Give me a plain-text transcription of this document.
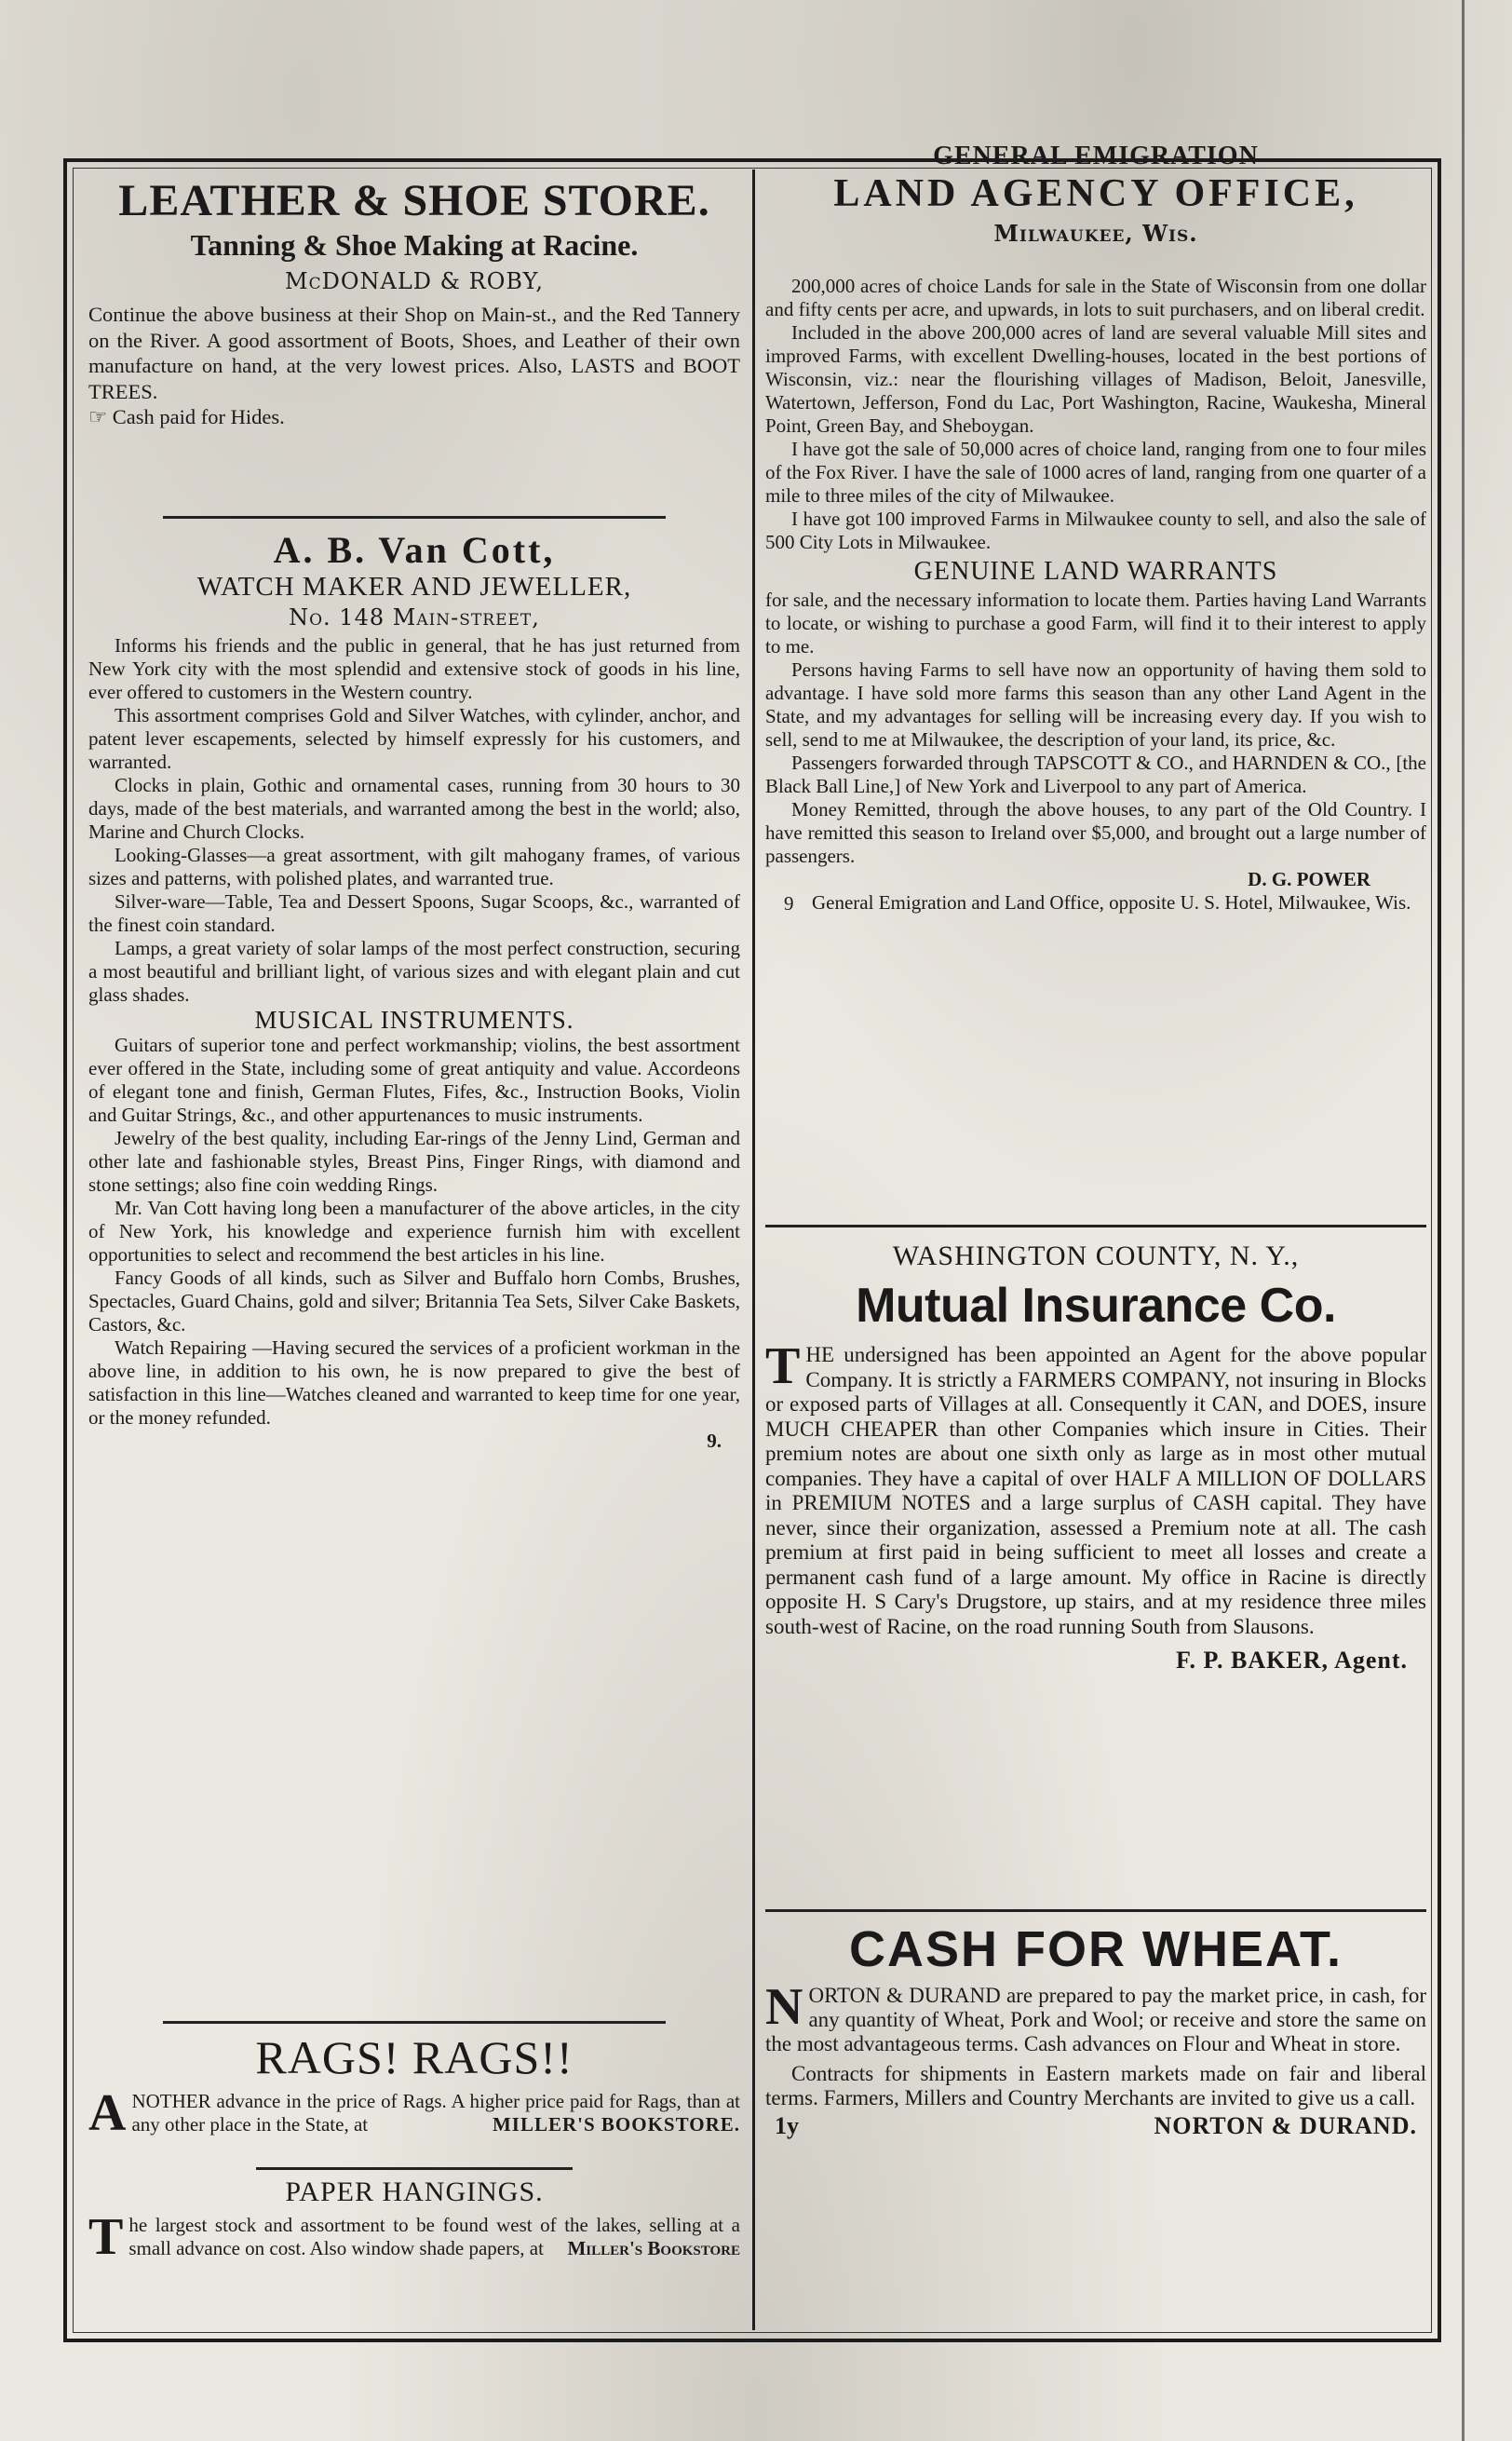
LEATHER & SHOE STORE.
Tanning & Shoe Making at Racine.
McDONALD & ROBY,

Continue the above business at their Shop on Main-st., and the Red Tannery on the River. A good assortment of Boots, Shoes, and Leather of their own manufacture on hand, at the very lowest prices. Also, LASTS and BOOT TREES.

☞ Cash paid for Hides.

A. B. Van Cott,
WATCH MAKER AND JEWELLER,
No. 148 Main-street,

Informs his friends and the public in general, that he has just returned from New York city with the most splendid and extensive stock of goods in his line, ever offered to customers in the Western country.

This assortment comprises Gold and Silver Watches, with cylinder, anchor, and patent lever escapements, selected by himself expressly for his customers, and warranted.

Clocks in plain, Gothic and ornamental cases, running from 30 hours to 30 days, made of the best materials, and warranted among the best in the world; also, Marine and Church Clocks.

Looking-Glasses—a great assortment, with gilt mahogany frames, of various sizes and patterns, with polished plates, and warranted true.

Silver-ware—Table, Tea and Dessert Spoons, Sugar Scoops, &c., warranted of the finest coin standard.

Lamps, a great variety of solar lamps of the most perfect construction, securing a most beautiful and brilliant light, of various sizes and with elegant plain and cut glass shades.

MUSICAL INSTRUMENTS.

Guitars of superior tone and perfect workmanship; violins, the best assortment ever offered in the State, including some of great antiquity and value. Accordeons of elegant tone and finish, German Flutes, Fifes, &c., Instruction Books, Violin and Guitar Strings, &c., and other appurtenances to music instruments.

Jewelry of the best quality, including Ear-rings of the Jenny Lind, German and other late and fashionable styles, Breast Pins, Finger Rings, with diamond and stone settings; also fine coin wedding Rings.

Mr. Van Cott having long been a manufacturer of the above articles, in the city of New York, his knowledge and experience furnish him with excellent opportunities to select and recommend the best articles in his line.

Fancy Goods of all kinds, such as Silver and Buffalo horn Combs, Brushes, Spectacles, Guard Chains, gold and silver; Britannia Tea Sets, Silver Cake Baskets, Castors, &c.

Watch Repairing —Having secured the services of a proficient workman in the above line, in addition to his own, he is now prepared to give the best of satisfaction in this line—Watches cleaned and warranted to keep time for one year, or the money refunded.

9.
RAGS! RAGS!!
ANOTHER advance in the price of Rags. A higher price paid for Rags, than at any other place in the State, at	MILLER'S BOOKSTORE.
PAPER HANGINGS.
The largest stock and assortment to be found west of the lakes, selling at a small advance on cost. Also window shade papers, at Miller's Bookstore
GENERAL EMIGRATION
LAND AGENCY OFFICE,
Milwaukee, Wis.

200,000 acres of choice Lands for sale in the State of Wisconsin from one dollar and fifty cents per acre, and upwards, in lots to suit purchasers, and on liberal credit.

Included in the above 200,000 acres of land are several valuable Mill sites and improved Farms, with excellent Dwelling-houses, located in the best portions of Wisconsin, viz.: near the flourishing villages of Madison, Beloit, Janesville, Watertown, Jefferson, Fond du Lac, Port Washington, Racine, Waukesha, Mineral Point, Green Bay, and Sheboygan.

I have got the sale of 50,000 acres of choice land, ranging from one to four miles of the Fox River. I have the sale of 1000 acres of land, ranging from one quarter of a mile to three miles of the city of Milwaukee.

I have got 100 improved Farms in Milwaukee county to sell, and also the sale of 500 City Lots in Milwaukee.

GENUINE LAND WARRANTS

for sale, and the necessary information to locate them. Parties having Land Warrants to locate, or wishing to purchase a good Farm, will find it to their interest to apply to me.

Persons having Farms to sell have now an opportunity of having them sold to advantage. I have sold more farms this season than any other Land Agent in the State, and my advantages for selling will be increasing every day. If you wish to sell, send to me at Milwaukee, the description of your land, its price, &c.

Passengers forwarded through TAPSCOTT & CO., and HARNDEN & CO., [the Black Ball Line,] of New York and Liverpool to any part of America.

Money Remitted, through the above houses, to any part of the Old Country. I have remitted this season to Ireland over $5,000, and brought out a large number of passengers.

D. G. POWER
General Emigration and Land Office, opposite U. S. Hotel, Milwaukee, Wis.
9
WASHINGTON COUNTY, N. Y.,
Mutual Insurance Co.
THE undersigned has been appointed an Agent for the above popular Company. It is strictly a FARMERS COMPANY, not insuring in Blocks or exposed parts of Villages at all. Consequently it CAN, and DOES, insure MUCH CHEAPER than other Companies which insure in Cities. Their premium notes are about one sixth only as large as in most other mutual companies. They have a capital of over HALF A MILLION OF DOLLARS in PREMIUM NOTES and a large surplus of CASH capital. They have never, since their organization, assessed a Premium note at all. The cash premium at first paid in being sufficient to meet all losses and create a permanent cash fund of a large amount. My office in Racine is directly opposite H. S Cary's Drugstore, up stairs, and at my residence three miles south-west of Racine, on the road running South from Slausons.
F. P. BAKER, Agent.
CASH FOR WHEAT.
NORTON & DURAND are prepared to pay the market price, in cash, for any quantity of Wheat, Pork and Wool; or receive and store the same on the most advantageous terms. Cash advances on Flour and Wheat in store.

Contracts for shipments in Eastern markets made on fair and liberal terms. Farmers, Millers and Country Merchants are invited to give us a call.

1y	NORTON & DURAND.
